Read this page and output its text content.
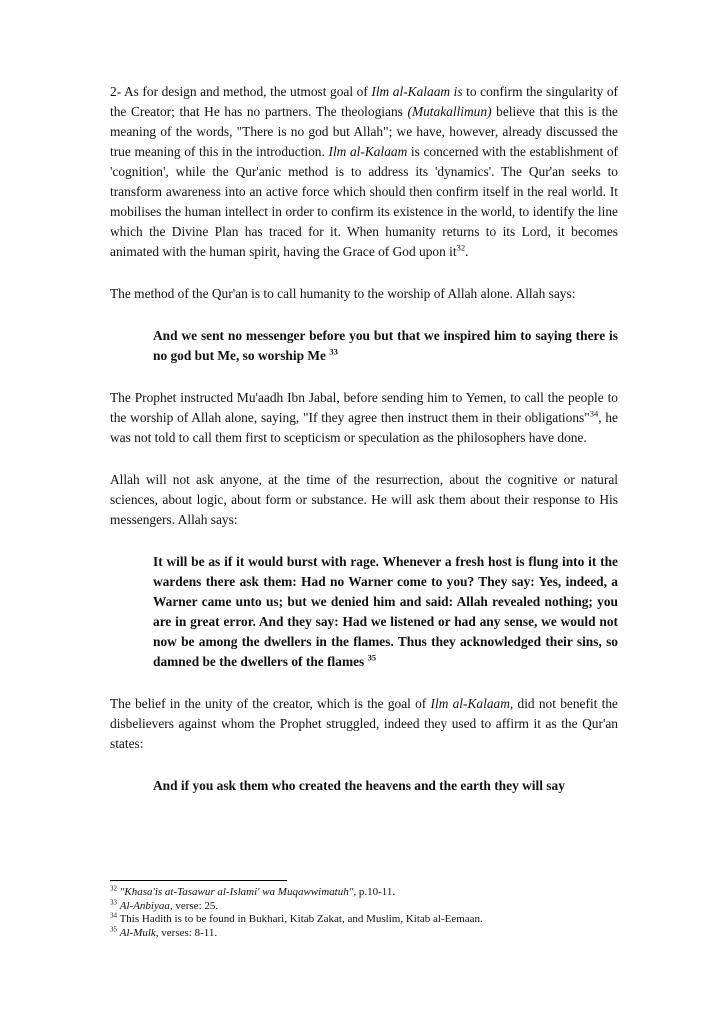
2- As for design and method, the utmost goal of Ilm al-Kalaam is to confirm the singularity of the Creator; that He has no partners. The theologians (Mutakallimun) believe that this is the meaning of the words, "There is no god but Allah"; we have, however, already discussed the true meaning of this in the introduction. Ilm al-Kalaam is concerned with the establishment of 'cognition', while the Qur'anic method is to address its 'dynamics'. The Qur'an seeks to transform awareness into an active force which should then confirm itself in the real world. It mobilises the human intellect in order to confirm its existence in the world, to identify the line which the Divine Plan has traced for it. When humanity returns to its Lord, it becomes animated with the human spirit, having the Grace of God upon $it^{32}$.

The method of the Qur'an is to call humanity to the worship of Allah alone. Allah says:

And we sent no messenger before you but that we inspired him to saying there is no god but Me, so worship Me $^{33}$

The Prophet instructed Mu'aadh Ibn Jabal, before sending him to Yemen, to call the people to the worship of Allah alone, saying, "If they agree then instruct them in their obligations"$^{34}$, he was not told to call them first to scepticism or speculation as the philosophers have done.

Allah will not ask anyone, at the time of the resurrection, about the cognitive or natural sciences, about logic, about form or substance. He will ask them about their response to His messengers. Allah says:

It will be as if it would burst with rage. Whenever a fresh host is flung into it the wardens there ask them: Had no Warner come to you? They say: Yes, indeed, a Warner came unto us; but we denied him and said: Allah revealed nothing; you are in great error. And they say: Had we listened or had any sense, we would not now be among the dwellers in the flames. Thus they acknowledged their sins, so damned be the dwellers of the flames $^{35}$

The belief in the unity of the creator, which is the goal of Ilm al-Kalaam, did not benefit the disbelievers against whom the Prophet struggled, indeed they used to affirm it as the Qur'an states:

And if you ask them who created the heavens and the earth they will say
$^{32}$ "Khasa'is at-Tasawur al-Islami' wa Muqawwimatuh", p.10-11.
$^{33}$ Al-Anbiyaa, verse: 25.
$^{34}$ This Hadith is to be found in Bukhari, Kitab Zakat, and Muslim, Kitab al-Eemaan.
$^{35}$ Al-Mulk, verses: 8-11.
